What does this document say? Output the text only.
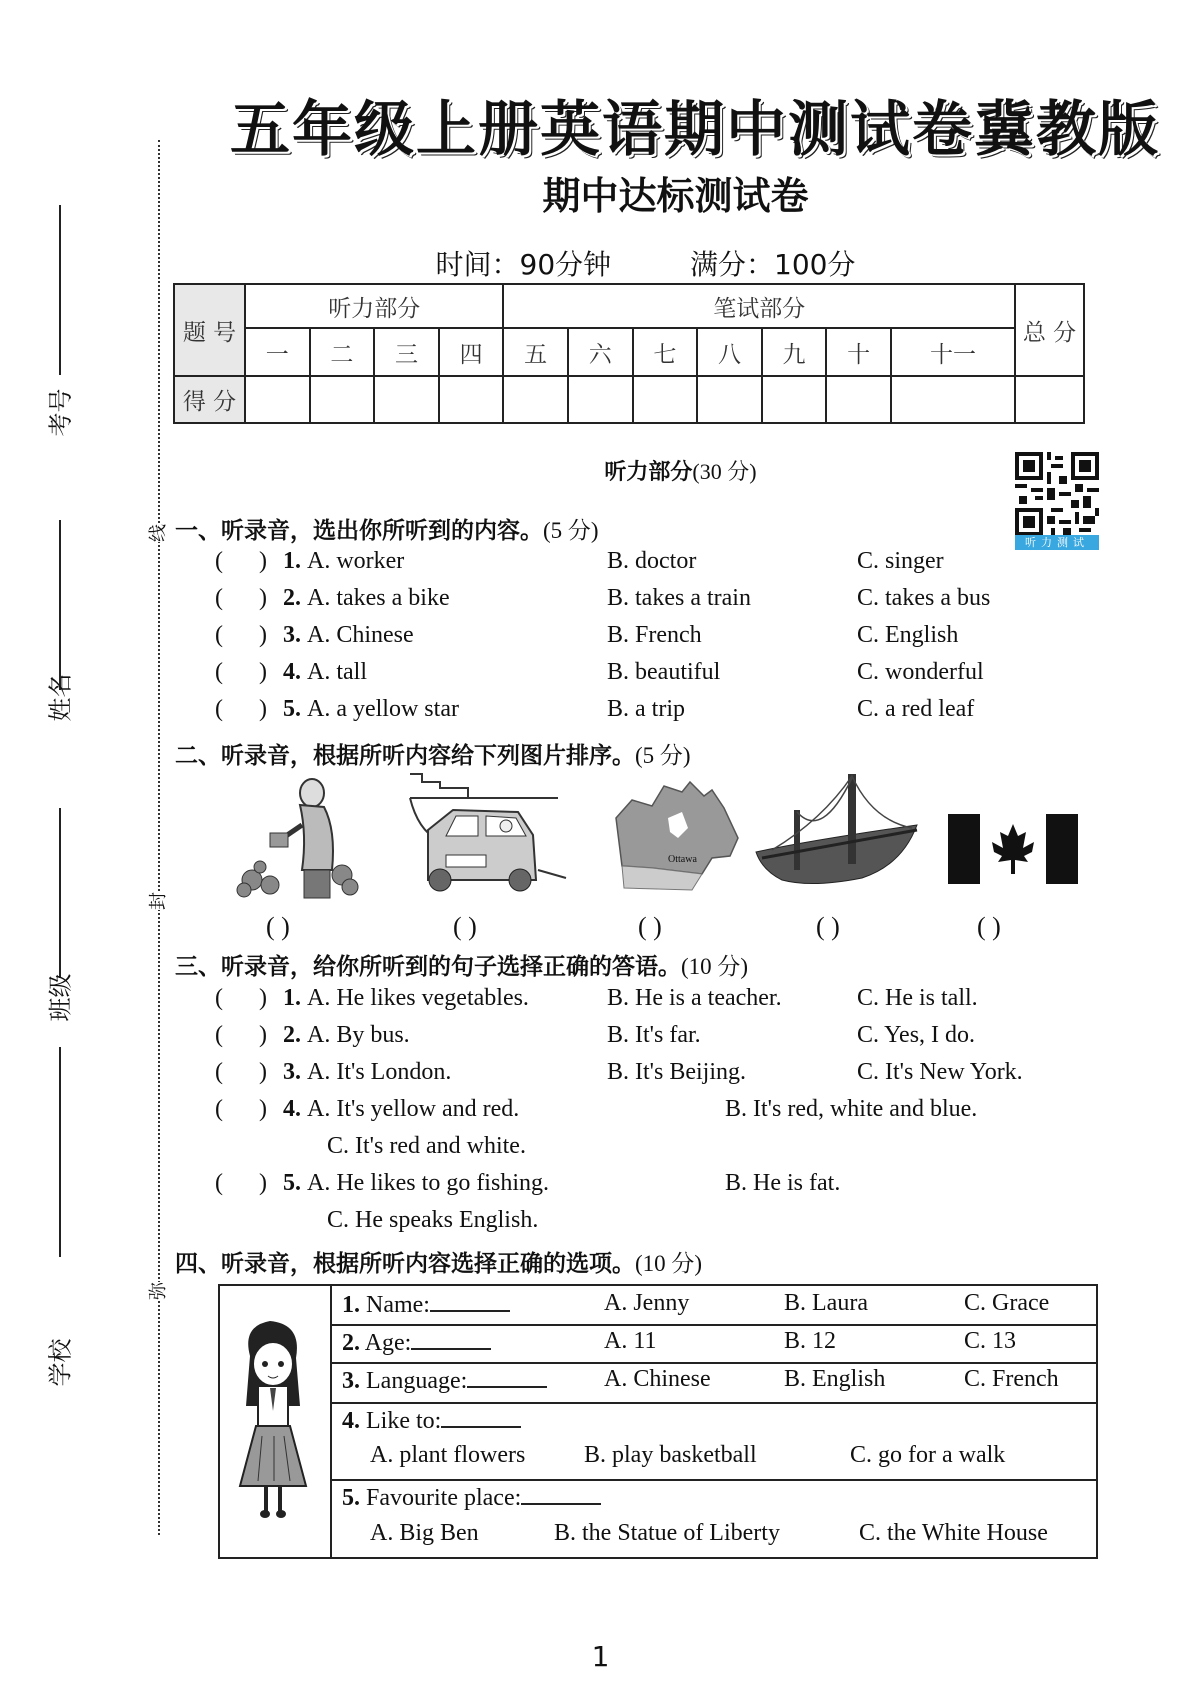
五年级上册英语期中测试卷冀教版
期中达标测试卷
时间：90分钟	满分：100分
线
封
弥
考号
姓名
班级
学校
题 号	听力部分				笔试部分							总 分
	一	二	三	四	五	六	七	八	九	十	十一	
得 分												
听力部分(30 分)
听力测试
一、听录音，选出你所听到的内容。(5 分)
(      ) 1. A. worker	B. doctor	C. singer
(      ) 2. A. takes a bike	B. takes a train	C. takes a bus
(      ) 3. A. Chinese	B. French	C. English
(      ) 4. A. tall	B. beautiful	C. wonderful
(      ) 5. A. a yellow star	B. a trip	C. a red leaf
二、听录音，根据所听内容给下列图片排序。(5 分)
Ottawa
( )	( )	( )	( )	( )
三、听录音，给你所听到的句子选择正确的答语。(10 分)
(      ) 1. A. He likes vegetables.	B. He is a teacher.	C. He is tall.
(      ) 2. A. By bus.	B. It's far.	C. Yes, I do.
(      ) 3. A. It's London.	B. It's Beijing.	C. It's New York.
(      ) 4. A. It's yellow and red.	B. It's red, white and blue.
C. It's red and white.
(      ) 5. A. He likes to go fishing.	B. He is fat.
C. He speaks English.
四、听录音，根据所听内容选择正确的选项。(10 分)
1. Name:	A. Jenny	B. Laura	C. Grace
2. Age:	A. 11	B. 12	C. 13
3. Language:	A. Chinese	B. English	C. French
4. Like to:
A. plant flowers B. play basketball	C. go for a walk
5. Favourite place:
A. Big Ben	B. the Statue of Liberty	C. the White House
1
